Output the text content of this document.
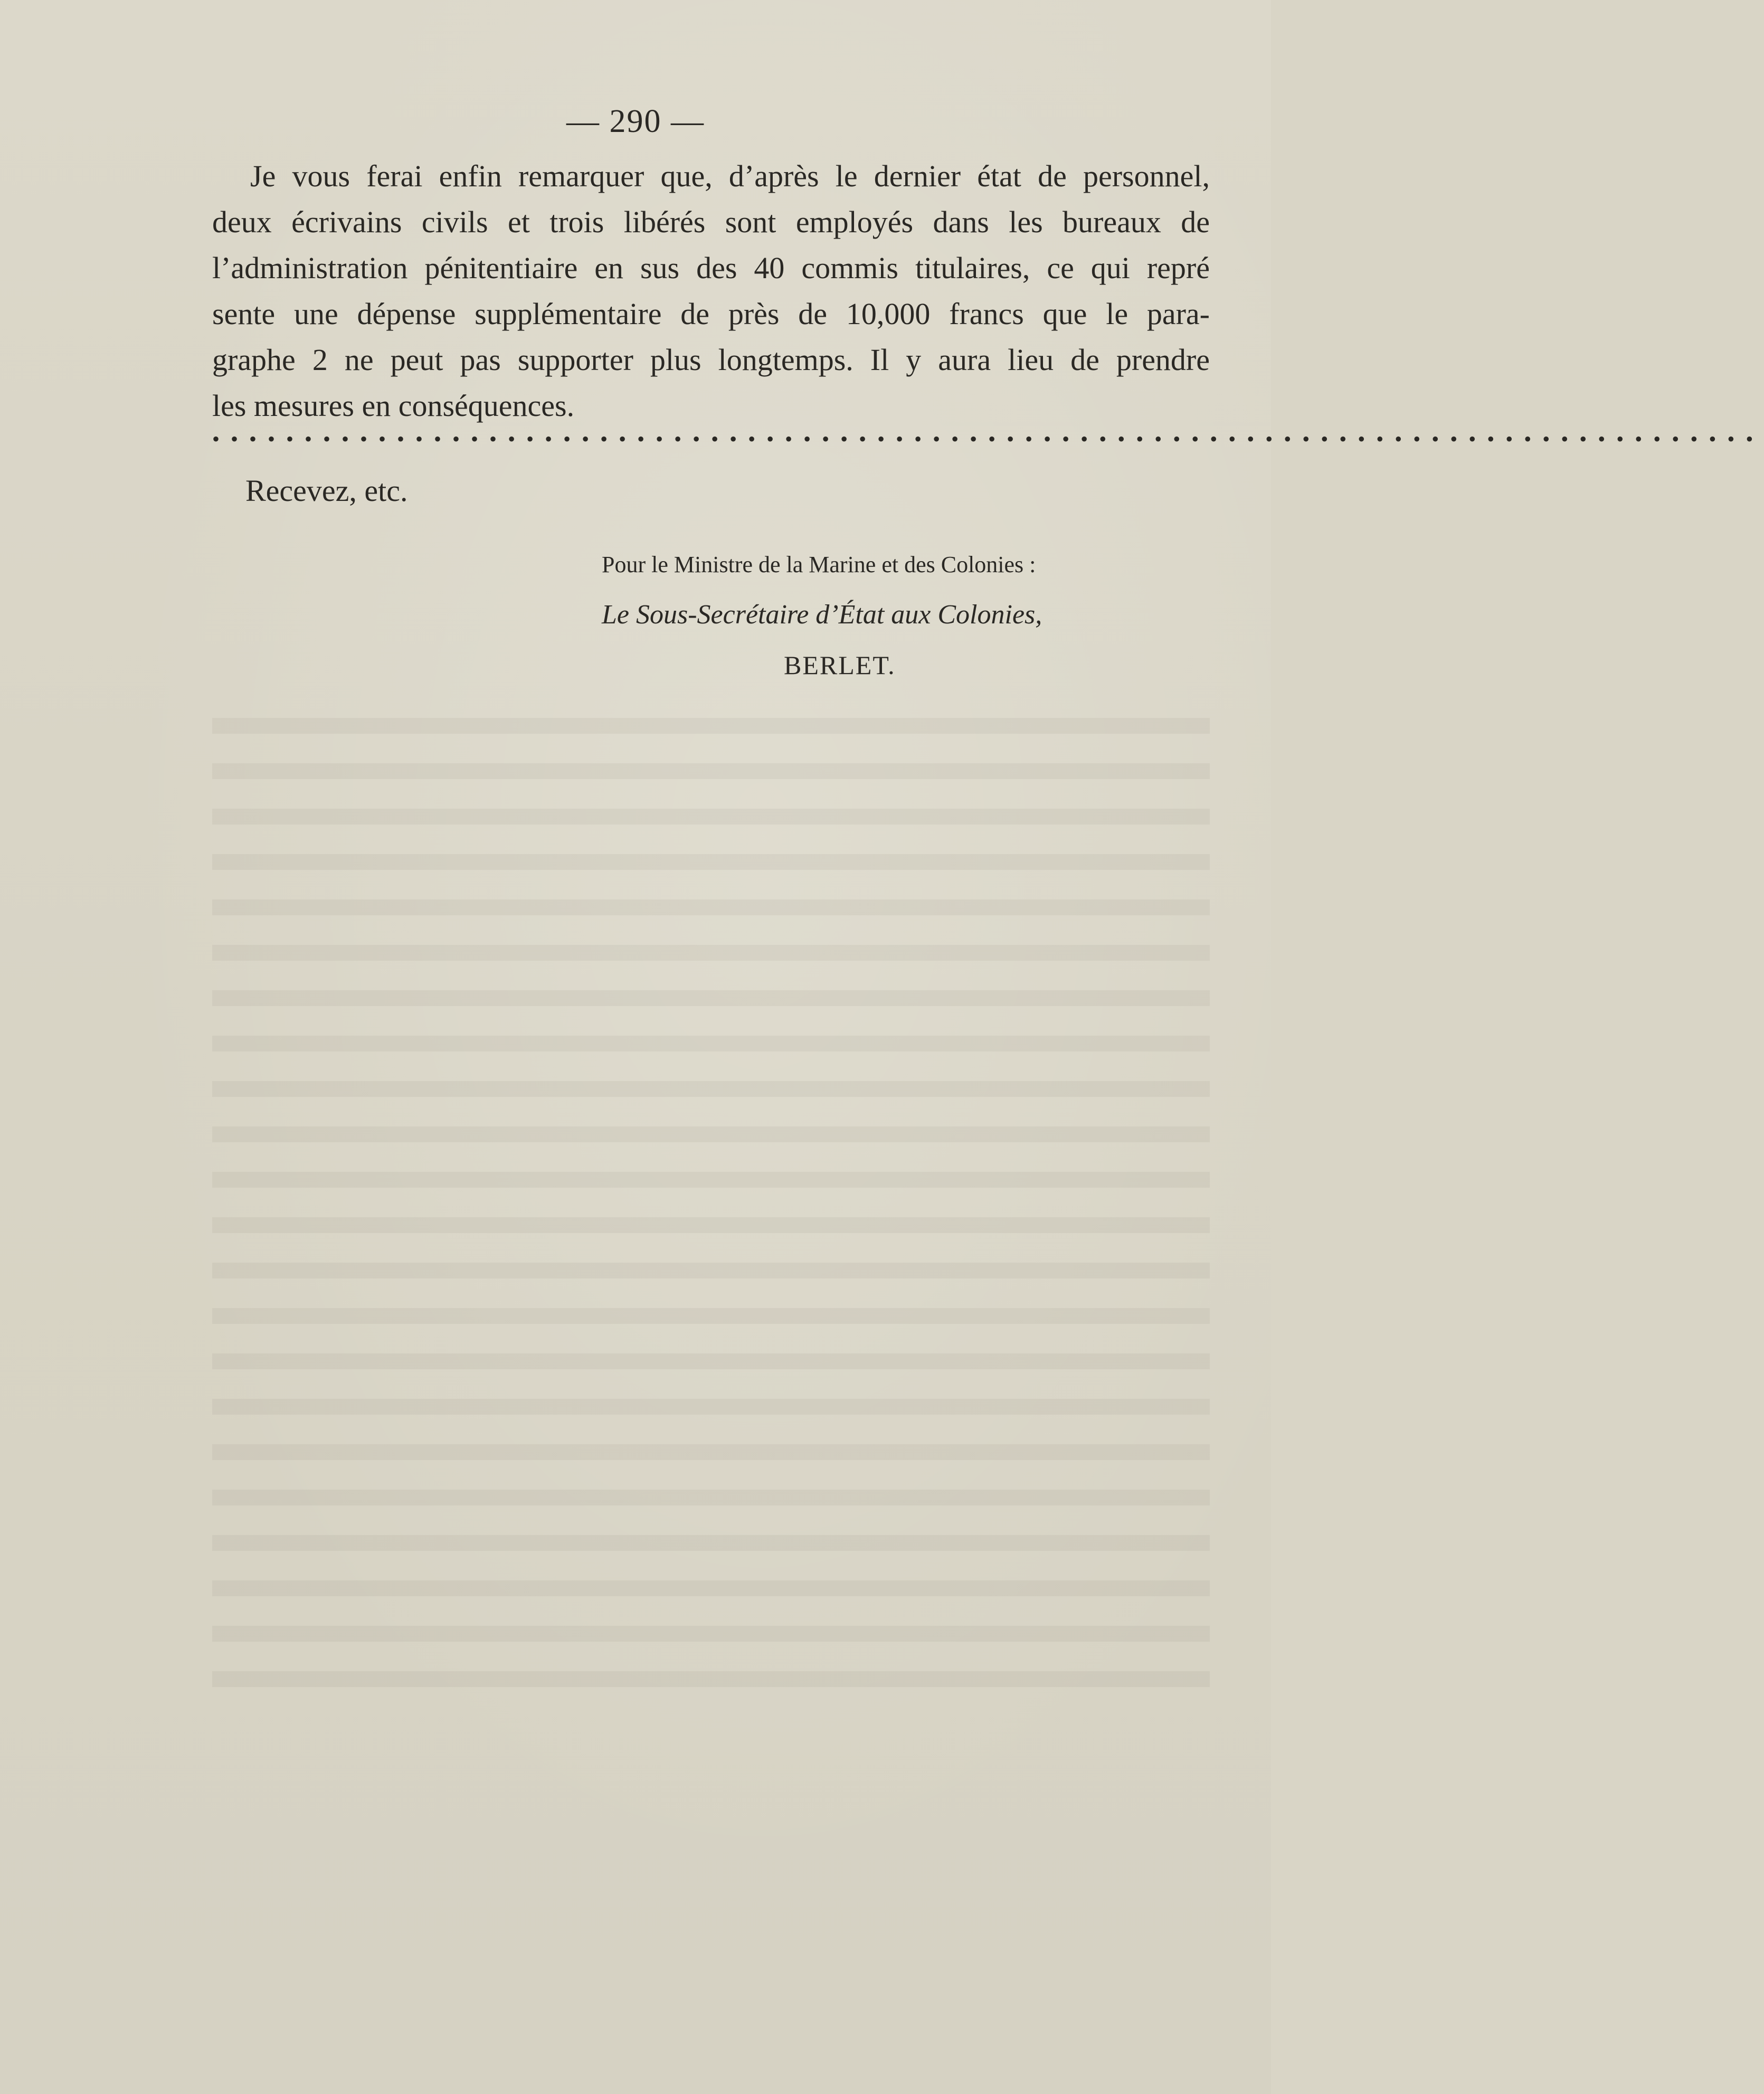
— 290 —

Je vous ferai enfin remarquer que, d’après le dernier état de personnel,
deux écrivains civils et trois libérés sont employés dans les bureaux de
l’administration pénitentiaire en sus des 40 commis titulaires, ce qui repré
sente une dépense supplémentaire de près de 10,000 francs que le para-
graphe 2 ne peut pas supporter plus longtemps. Il y aura lieu de prendre
les mesures en conséquences.

••••••••••••••••••••••••••••••••••••••••••••••••••••••••••••••••••••••••••••••••••••
Recevez, etc.
Pour le Ministre de la Marine et des Colonies :
Le Sous-Secrétaire d’État aux Colonies,
BERLET.
